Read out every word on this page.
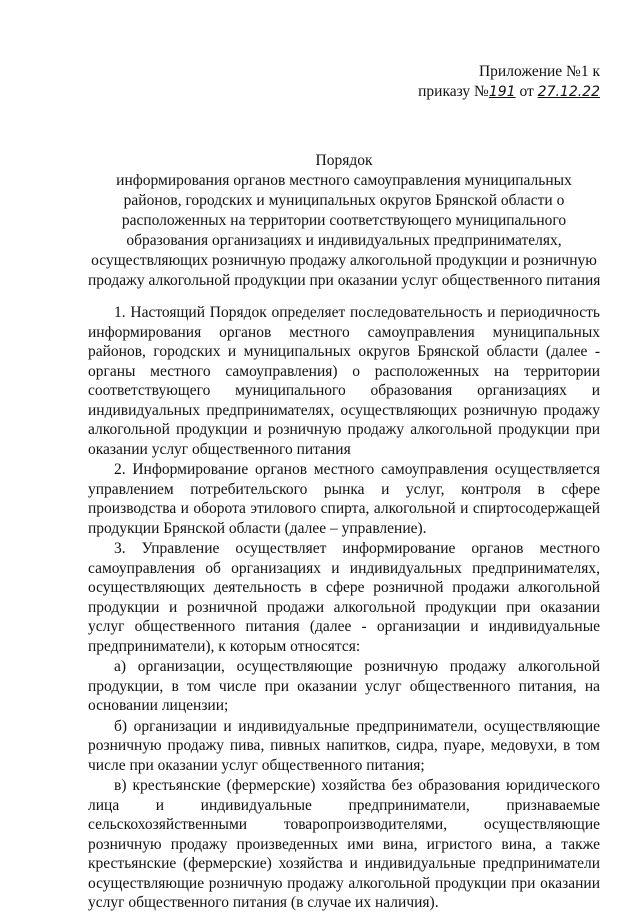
Приложение №1 к
приказу №191 от 27.12.22
Порядок
информирования органов местного самоуправления муниципальных
районов, городских и муниципальных округов Брянской области о
расположенных на территории соответствующего муниципального
образования организациях и индивидуальных предпринимателях,
осуществляющих розничную продажу алкогольной продукции и розничную
продажу алкогольной продукции при оказании услуг общественного питания

1. Настоящий Порядок определяет последовательность и периодичность информирования органов местного самоуправления муниципальных районов, городских и муниципальных округов Брянской области (далее - органы местного самоуправления) о расположенных на территории соответствующего муниципального образования организациях и индивидуальных предпринимателях, осуществляющих розничную продажу алкогольной продукции и розничную продажу алкогольной продукции при оказании услуг общественного питания

2. Информирование органов местного самоуправления осуществляется управлением потребительского рынка и услуг, контроля в сфере производства и оборота этилового спирта, алкогольной и спиртосодержащей продукции Брянской области (далее – управление).

3. Управление осуществляет информирование органов местного самоуправления об организациях и индивидуальных предпринимателях, осуществляющих деятельность в сфере розничной продажи алкогольной продукции и розничной продажи алкогольной продукции при оказании услуг общественного питания (далее - организации и индивидуальные предприниматели), к которым относятся:

а) организации, осуществляющие розничную продажу алкогольной продукции, в том числе при оказании услуг общественного питания, на основании лицензии;

б) организации и индивидуальные предприниматели, осуществляющие розничную продажу пива, пивных напитков, сидра, пуаре, медовухи, в том числе при оказании услуг общественного питания;

в) крестьянские (фермерские) хозяйства без образования юридического лица и индивидуальные предприниматели, признаваемые сельскохозяйственными товаропроизводителями, осуществляющие розничную продажу произведенных ими вина, игристого вина, а также крестьянские (фермерские) хозяйства и индивидуальные предприниматели осуществляющие розничную продажу алкогольной продукции при оказании услуг общественного питания (в случае их наличия).
